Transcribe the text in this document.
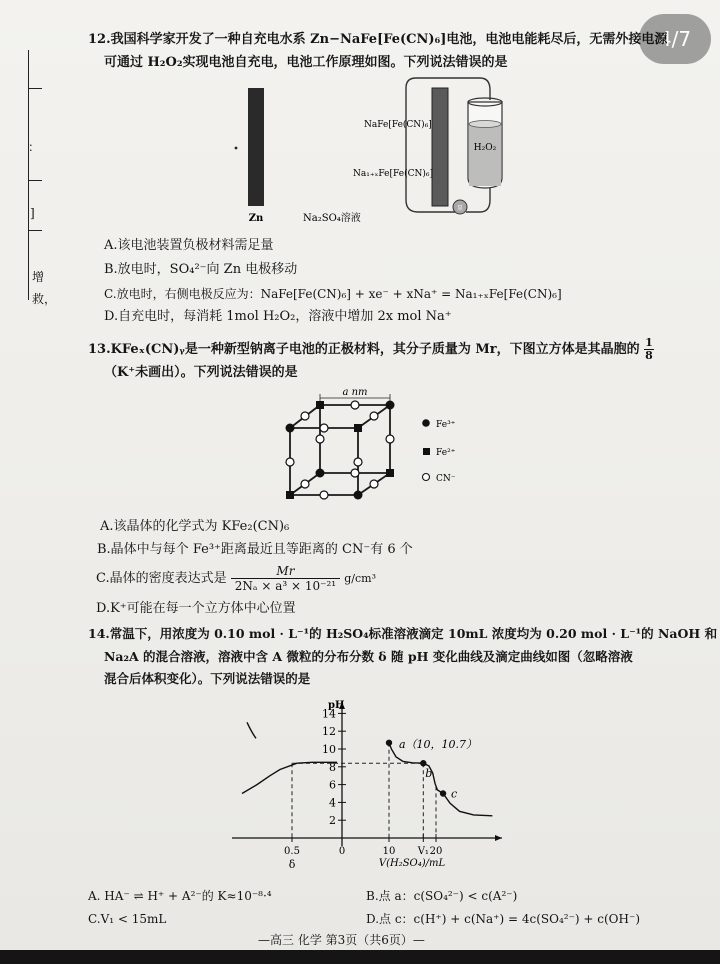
：
]
增
救，
4/7
12.我国科学家开发了一种自充电水系 Zn−NaFe[Fe(CN)₆]电池，电池电能耗尽后，无需外接电源
可通过 H₂O₂实现电池自充电，电池工作原理如图。下列说法错误的是
Zn	Na₂SO₄溶液
NaFe[Fe(CN)₆]
Na₁₊ₓFe[Fe(CN)₆]
H₂O₂
泵
A.该电池装置负极材料需足量
B.放电时，SO₄²⁻向 Zn 电极移动
C.放电时，右侧电极反应为：NaFe[Fe(CN)₆] + xe⁻ + xNa⁺ = Na₁₊ₓFe[Fe(CN)₆]
D.自充电时，每消耗 1mol H₂O₂，溶液中增加 2x mol Na⁺
13.KFeₓ(CN)ᵧ是一种新型钠离子电池的正极材料，其分子质量为 Mr，下图立方体是其晶胞的 $\frac{1}{8}$
（K⁺未画出）。下列说法错误的是
a nm
Fe³⁺
Fe²⁺
CN⁻
A.该晶体的化学式为 KFe₂(CN)₆
B.晶体中与每个 Fe³⁺距离最近且等距离的 CN⁻有 6 个
C.晶体的密度表达式是 $\frac{Mr}{\text{2Nₐ × a³ × 10⁻²¹}} g/cm^3$
D.K⁺可能在每一个立方体中心位置
14.常温下，用浓度为 0.10 mol · L⁻¹的 H₂SO₄标准溶液滴定 10mL 浓度均为 0.20 mol · L⁻¹的 NaOH 和
Na₂A 的混合溶液，溶液中含 A 微粒的分布分数 δ 随 pH 变化曲线及滴定曲线如图（忽略溶液
混合后体积变化）。下列说法错误的是
pH
2
4
6
8
10
12
14
0.5	0	10 V₁ 20
δ	V(H₂SO₄)/mL
a（10，10.7）
b
c
A. HA⁻ ⇌ H⁺ + A²⁻的 K≈10⁻⁸·⁴	B.点 a：c(SO₄²⁻) < c(A²⁻)
C.V₁ < 15mL	D.点 c：c(H⁺) + c(Na⁺) = 4c(SO₄²⁻) + c(OH⁻)
—高三 化学 第3页（共6页）—
